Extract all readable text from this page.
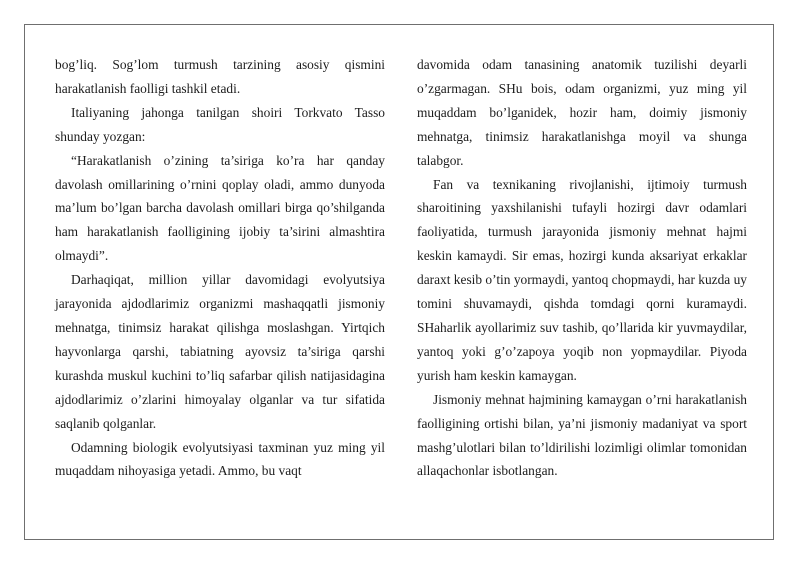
bog’liq. Sog’lom turmush tarzining asosiy qismini harakatlanish faolligi tashkil etadi.

Italiyaning jahonga tanilgan shoiri Torkvato Tasso shunday yozgan:

“Harakatlanish o’zining ta’siriga ko’ra har qanday davolash omillarining o’rnini qoplay oladi, ammo dunyoda ma’lum bo’lgan barcha davolash omillari birga qo’shilganda ham harakatlanish faolligining ijobiy ta’sirini almashtira olmaydi”.

Darhaqiqat, million yillar davomidagi evolyutsiya jarayonida ajdodlarimiz organizmi mashaqqatli jismoniy mehnatga, tinimsiz harakat qilishga moslashgan. Yirtqich hayvonlarga qarshi, tabiatning ayovsiz ta’siriga qarshi kurashda muskul kuchini to’liq safarbar qilish natijasidagina ajdodlarimiz o’zlarini himoyalay olganlar va tur sifatida saqlanib qolganlar.

Odamning biologik evolyutsiyasi taxminan yuz ming yil muqaddam nihoyasiga yetadi. Ammo, bu vaqt

davomida odam tanasining anatomik tuzilishi deyarli o’zgarmagan. SHu bois, odam organizmi, yuz ming yil muqaddam bo’lganidek, hozir ham, doimiy jismoniy mehnatga, tinimsiz harakatlanishga moyil va shunga talabgor.

Fan va texnikaning rivojlanishi, ijtimoiy turmush sharoitining yaxshilanishi tufayli hozirgi davr odamlari faoliyatida, turmush jarayonida jismoniy mehnat hajmi keskin kamaydi. Sir emas, hozirgi kunda aksariyat erkaklar daraxt kesib o’tin yormaydi, yantoq chopmaydi, har kuzda uy tomini shuvamaydi, qishda tomdagi qorni kuramaydi. SHaharlik ayollarimiz suv tashib, qo’llarida kir yuvmaydilar, yantoq yoki g’o’zapoya yoqib non yopmaydilar. Piyoda yurish ham keskin kamaygan.

Jismoniy mehnat hajmining kamaygan o’rni harakatlanish faolligining ortishi bilan, ya’ni jismoniy madaniyat va sport mashg’ulotlari bilan to’ldirilishi lozimligi olimlar tomonidan allaqachonlar isbotlangan.
